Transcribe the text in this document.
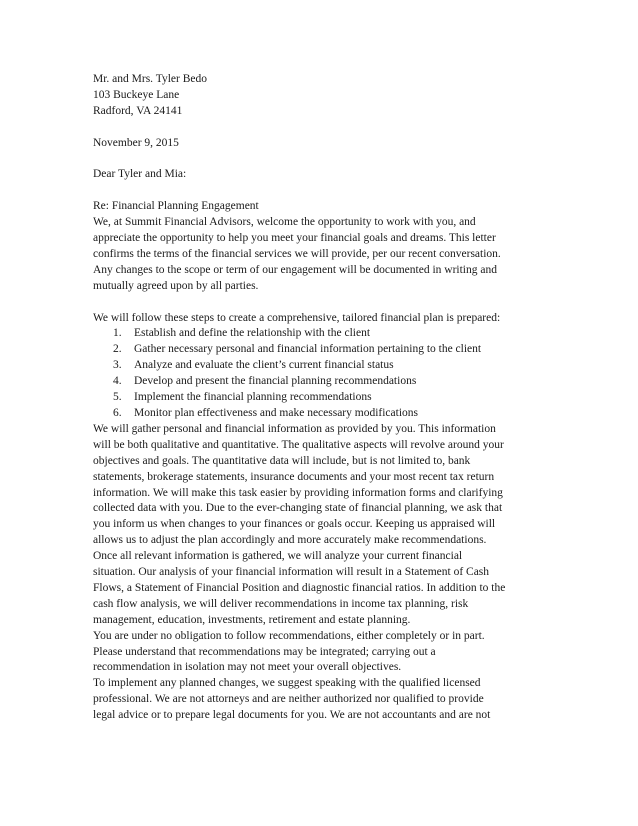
Mr. and Mrs. Tyler Bedo
103 Buckeye Lane
Radford, VA 24141
November 9, 2015
Dear Tyler and Mia:
Re: Financial Planning Engagement

We, at Summit Financial Advisors, welcome the opportunity to work with you, and
appreciate the opportunity to help you meet your financial goals and dreams. This letter
confirms the terms of the financial services we will provide, per our recent conversation.
Any changes to the scope or term of our engagement will be documented in writing and
mutually agreed upon by all parties.

We will follow these steps to create a comprehensive, tailored financial plan is prepared:
1.	Establish and define the relationship with the client
2.	Gather necessary personal and financial information pertaining to the client
3.	Analyze and evaluate the client’s current financial status
4.	Develop and present the financial planning recommendations
5.	Implement the financial planning recommendations
6.	Monitor plan effectiveness and make necessary modifications

We will gather personal and financial information as provided by you. This information
will be both qualitative and quantitative. The qualitative aspects will revolve around your
objectives and goals. The quantitative data will include, but is not limited to, bank
statements, brokerage statements, insurance documents and your most recent tax return
information. We will make this task easier by providing information forms and clarifying
collected data with you. Due to the ever-changing state of financial planning, we ask that
you inform us when changes to your finances or goals occur. Keeping us appraised will
allows us to adjust the plan accordingly and more accurately make recommendations.

Once all relevant information is gathered, we will analyze your current financial
situation. Our analysis of your financial information will result in a Statement of Cash
Flows, a Statement of Financial Position and diagnostic financial ratios. In addition to the
cash flow analysis, we will deliver recommendations in income tax planning, risk
management, education, investments, retirement and estate planning.

You are under no obligation to follow recommendations, either completely or in part.
Please understand that recommendations may be integrated; carrying out a
recommendation in isolation may not meet your overall objectives.

To implement any planned changes, we suggest speaking with the qualified licensed
professional. We are not attorneys and are neither authorized nor qualified to provide
legal advice or to prepare legal documents for you. We are not accountants and are not
